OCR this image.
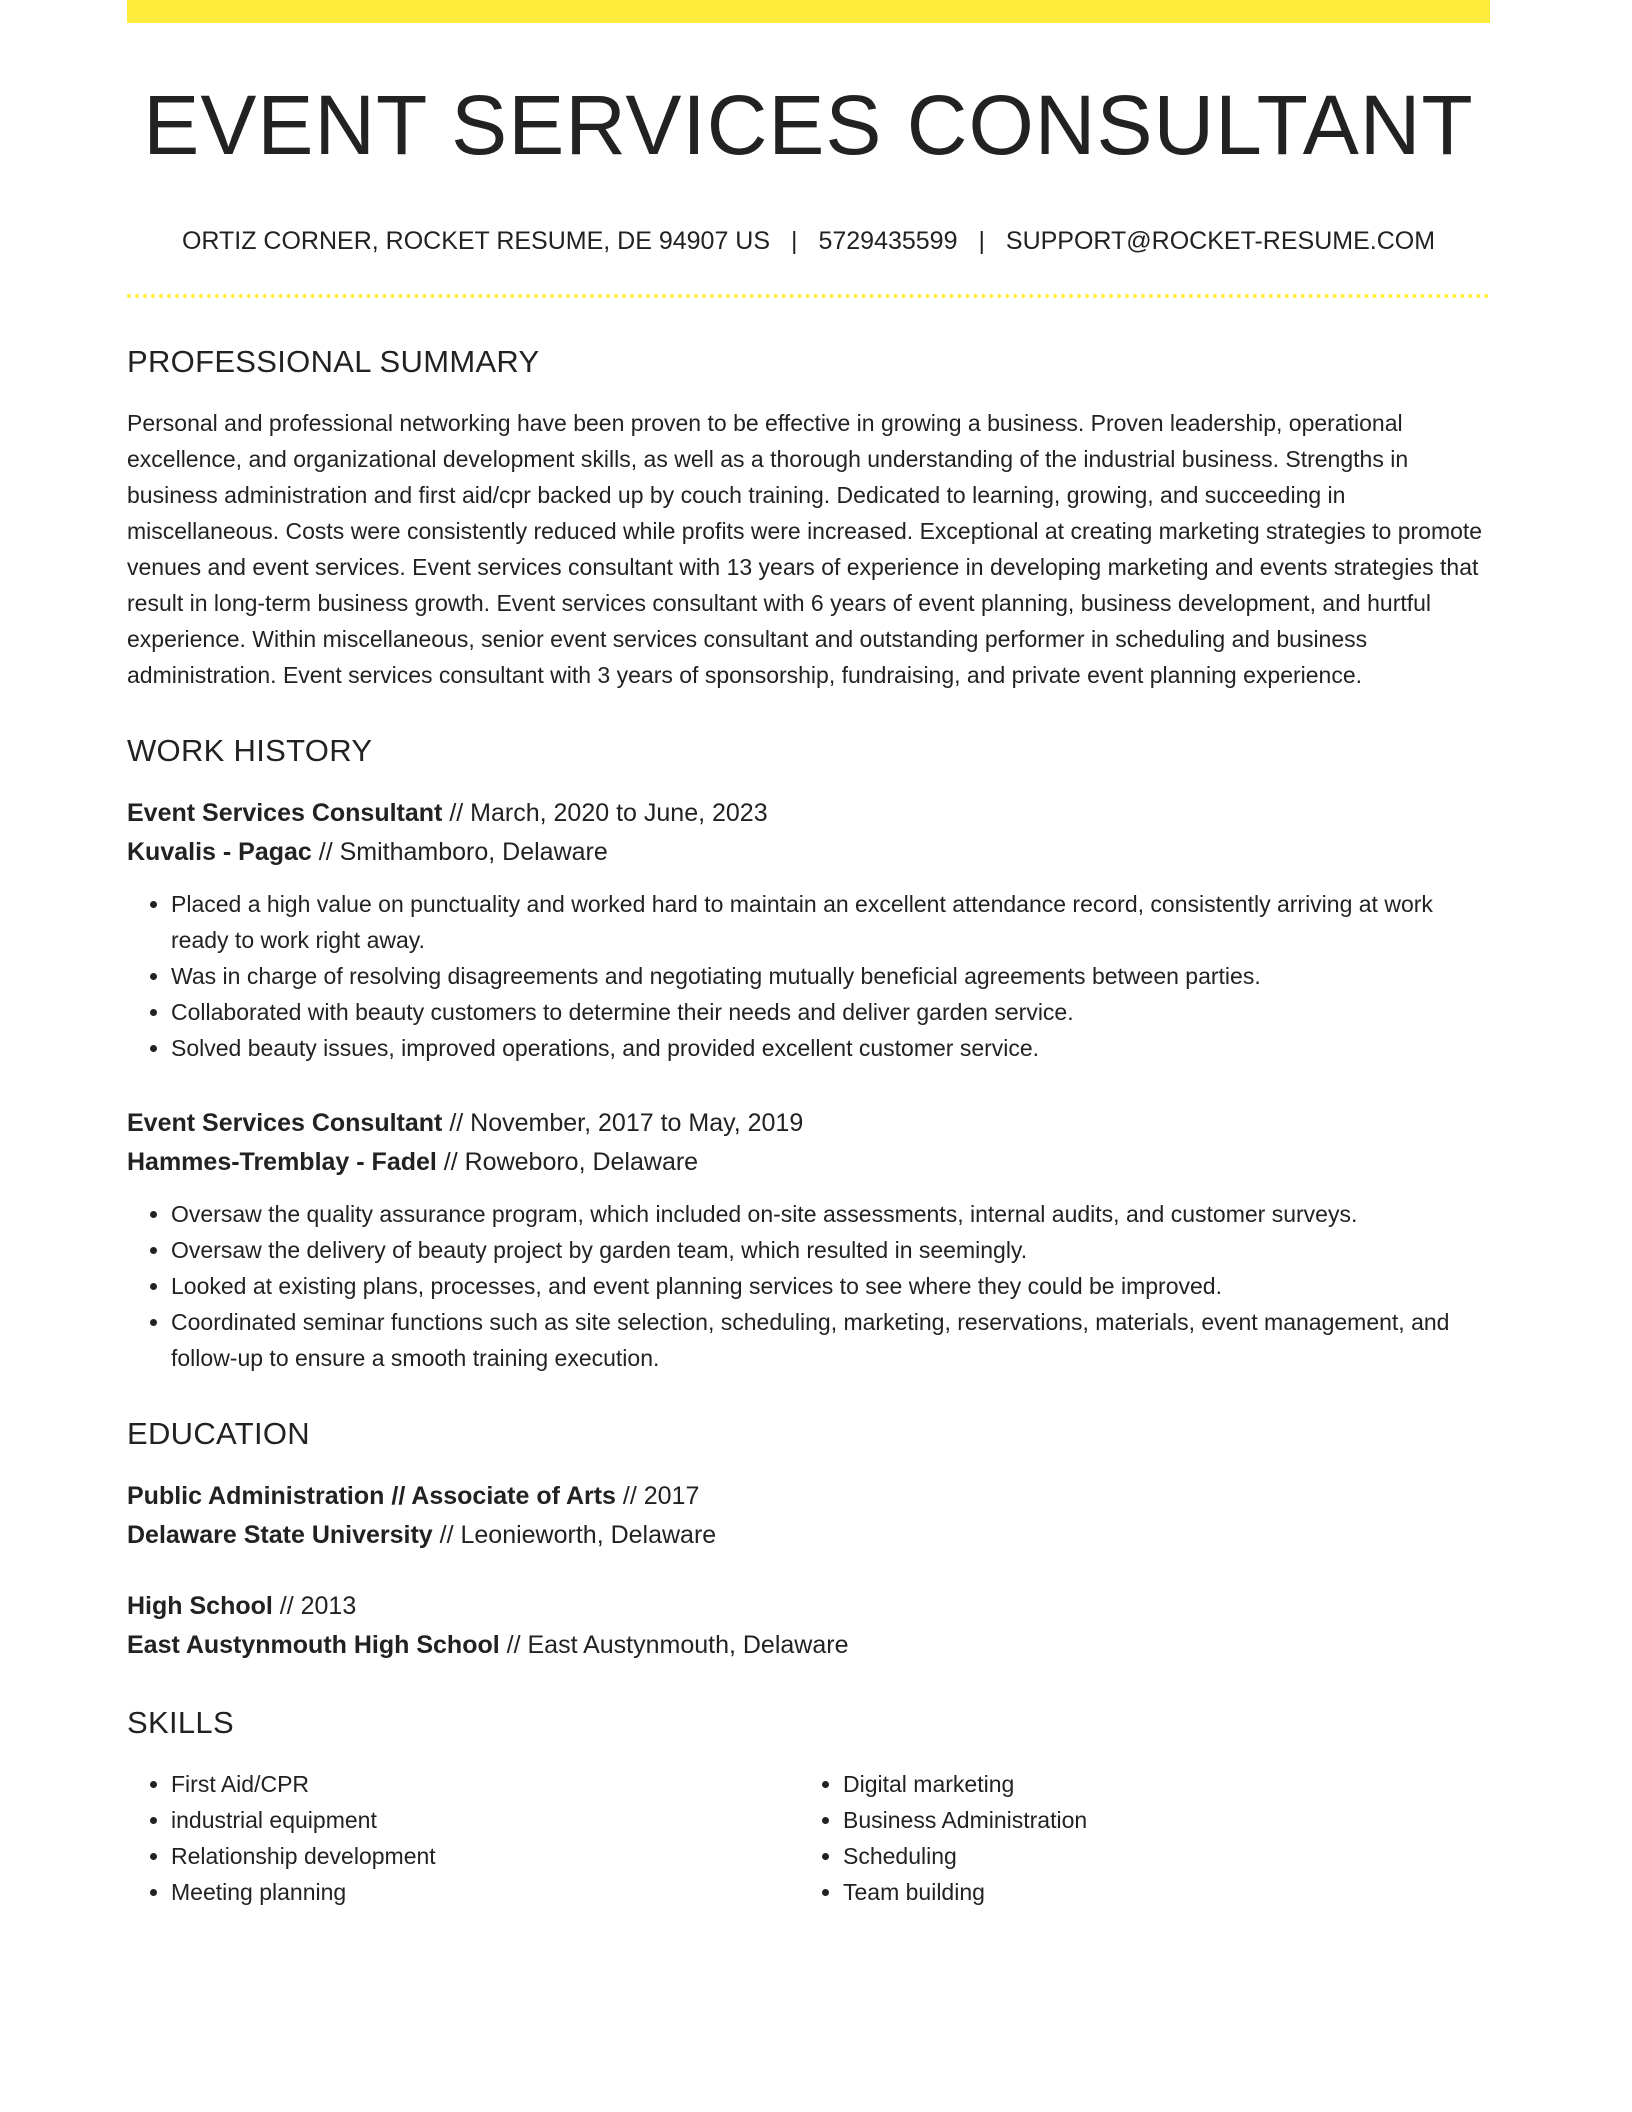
EVENT SERVICES CONSULTANT
ORTIZ CORNER, ROCKET RESUME, DE 94907 US | 5729435599 | SUPPORT@ROCKET-RESUME.COM
PROFESSIONAL SUMMARY

Personal and professional networking have been proven to be effective in growing a business. Proven leadership, operational excellence, and organizational development skills, as well as a thorough understanding of the industrial business. Strengths in business administration and first aid/cpr backed up by couch training. Dedicated to learning, growing, and succeeding in miscellaneous. Costs were consistently reduced while profits were increased. Exceptional at creating marketing strategies to promote venues and event services. Event services consultant with 13 years of experience in developing marketing and events strategies that result in long-term business growth. Event services consultant with 6 years of event planning, business development, and hurtful experience. Within miscellaneous, senior event services consultant and outstanding performer in scheduling and business administration. Event services consultant with 3 years of sponsorship, fundraising, and private event planning experience.

WORK HISTORY
Event Services Consultant // March, 2020 to June, 2023
Kuvalis - Pagac // Smithamboro, Delaware
• Placed a high value on punctuality and worked hard to maintain an excellent attendance record, consistently arriving at work ready to work right away.
• Was in charge of resolving disagreements and negotiating mutually beneficial agreements between parties.
• Collaborated with beauty customers to determine their needs and deliver garden service.
• Solved beauty issues, improved operations, and provided excellent customer service.
Event Services Consultant // November, 2017 to May, 2019
Hammes-Tremblay - Fadel // Roweboro, Delaware
• Oversaw the quality assurance program, which included on-site assessments, internal audits, and customer surveys.
• Oversaw the delivery of beauty project by garden team, which resulted in seemingly.
• Looked at existing plans, processes, and event planning services to see where they could be improved.
• Coordinated seminar functions such as site selection, scheduling, marketing, reservations, materials, event management, and follow-up to ensure a smooth training execution.
EDUCATION
Public Administration // Associate of Arts // 2017
Delaware State University // Leonieworth, Delaware
High School // 2013
East Austynmouth High School // East Austynmouth, Delaware
SKILLS
• First Aid/CPR
• industrial equipment
• Relationship development
• Meeting planning
• Digital marketing
• Business Administration
• Scheduling
• Team building
